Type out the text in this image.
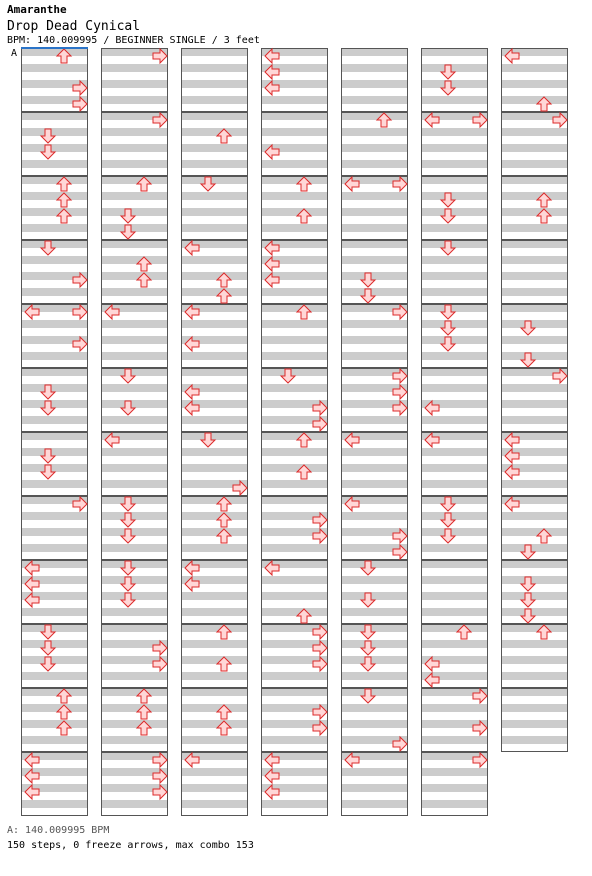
Amaranthe
Drop Dead Cynical
BPM: 140.009995 / BEGINNER SINGLE / 3 feet
A
A: 140.009995 BPM
150 steps, 0 freeze arrows, max combo 153
